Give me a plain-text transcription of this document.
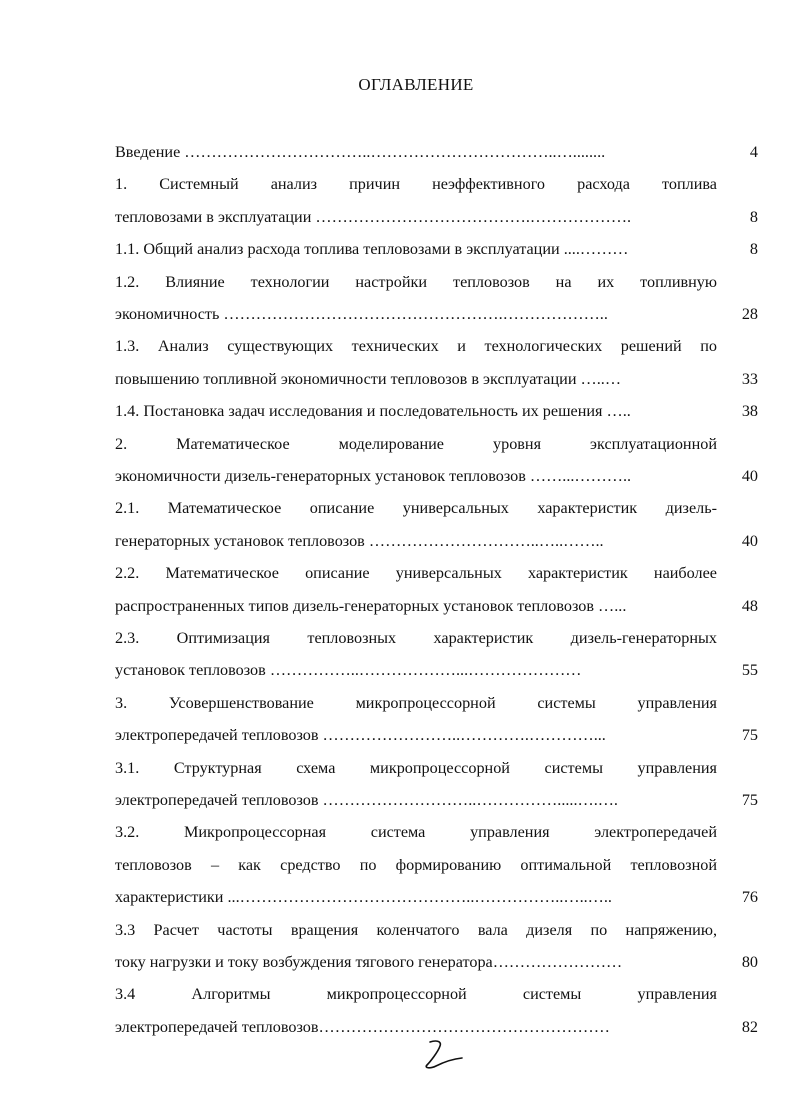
ОГЛАВЛЕНИЕ
Введение ……………………………..……………………………..…........	4
1. Системный анализ причин неэффективного расхода топлива
тепловозами в эксплуатации ………………………………….……………….	8
1.1. Общий анализ расхода топлива тепловозами в эксплуатации ....………	8
1.2. Влияние технологии настройки тепловозов на их топливную
экономичность …………………………………………….………………..	28
1.3. Анализ существующих технических и технологических решений по
повышению топливной экономичности тепловозов в эксплуатации …..…	33
1.4. Постановка задач исследования и последовательность их решения …..	38
2. Математическое моделирование уровня эксплуатационной
экономичности дизель-генераторных установок тепловозов ……...………..	40
2.1. Математическое описание универсальных характеристик дизель-
генераторных установок тепловозов …………………………..…..……..	40
2.2. Математическое описание универсальных характеристик наиболее
распространенных типов дизель-генераторных установок тепловозов …...	48
2.3. Оптимизация тепловозных характеристик дизель-генераторных
установок тепловозов ……………..………………...…………………	55
3. Усовершенствование микропроцессорной системы управления
электропередачей тепловозов ……………………..………….…………...	75
3.1. Структурная схема микропроцессорной системы управления
электропередачей тепловозов ………………………..…………….....….….	75
3.2. Микропроцессорная система управления электропередачей
тепловозов – как средство по формированию оптимальной тепловозной
характеристики ...……………………………………..……………..…..…..	76
3.3 Расчет частоты вращения коленчатого вала дизеля по напряжению,
току нагрузки и току возбуждения тягового генератора……………………	80
3.4 Алгоритмы микропроцессорной системы управления
электропередачей тепловозов………………………………………………	82
